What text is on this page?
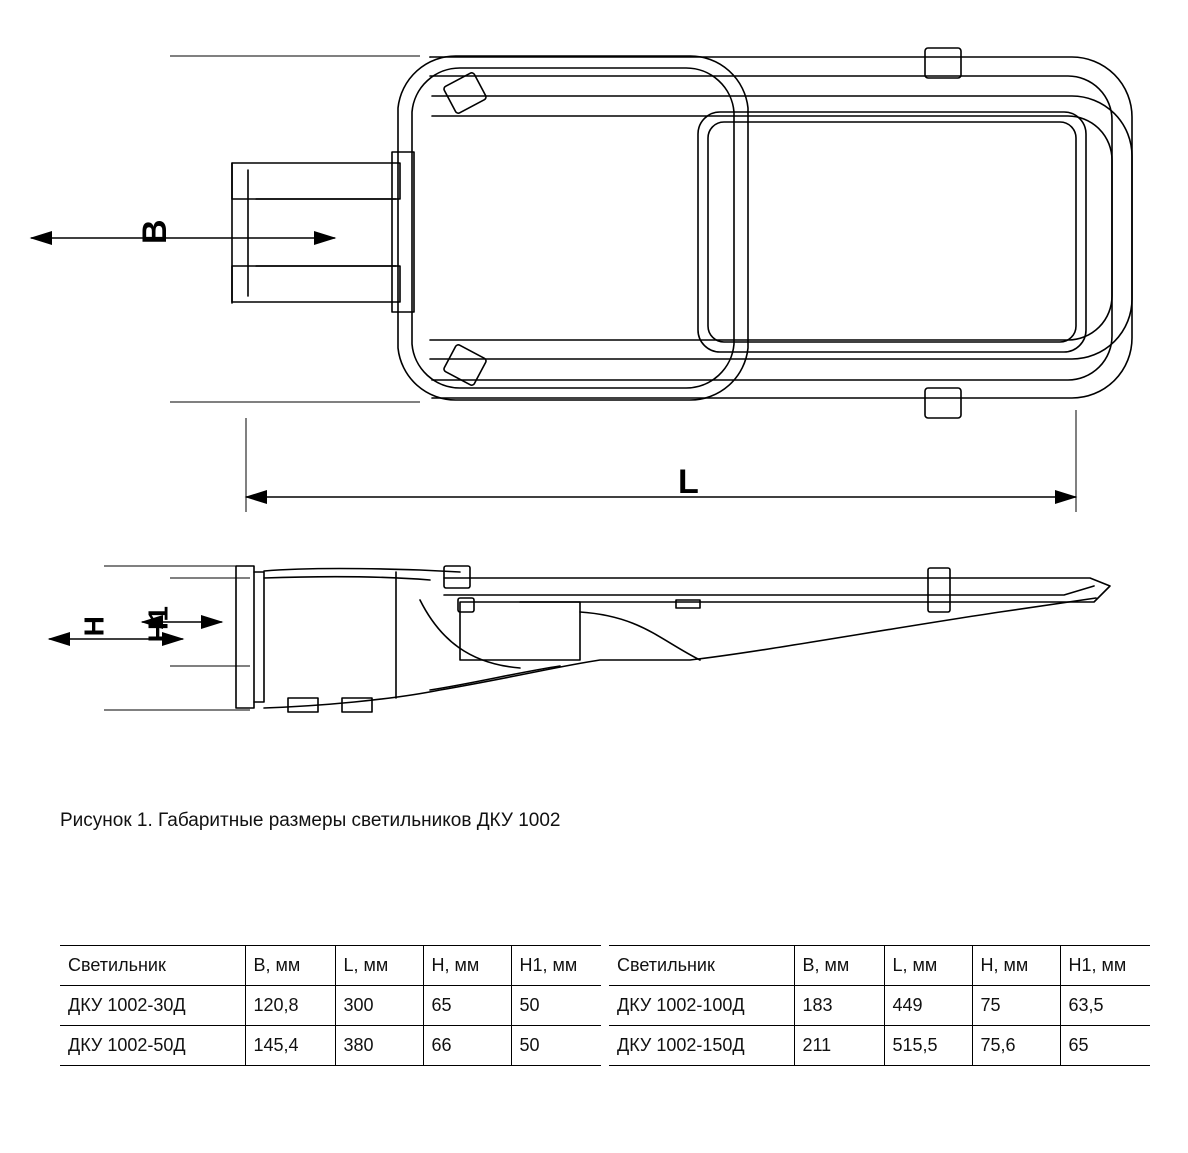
B
L
H H1
Рисунок 1. Габаритные размеры светильников ДКУ 1002
Светильник	B, мм	L, мм	H, мм	H1, мм
ДКУ 1002-30Д	120,8	300	65	50
ДКУ 1002-50Д	145,4	380	66	50
Светильник	B, мм	L, мм	H, мм	H1, мм
ДКУ 1002-100Д	183	449	75	63,5
ДКУ 1002-150Д	211	515,5	75,6	65
